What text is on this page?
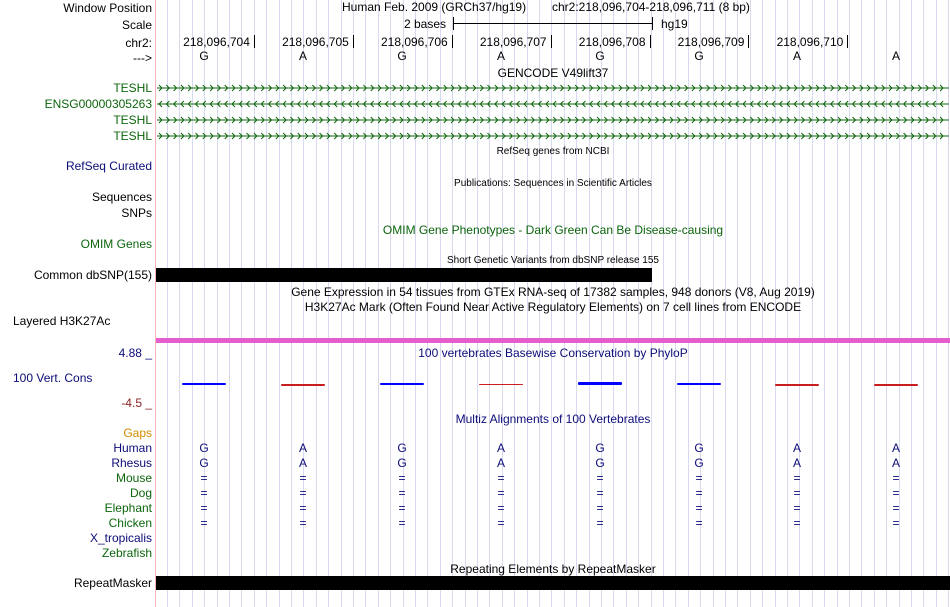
Window Position	Human Feb. 2009 (GRCh37/hg19) chr2:218,096,704-218,096,711 (8 bp)
Scale	2 bases	hg19
chr2:	218,096,704	218,096,705	218,096,706	218,096,707	218,096,708	218,096,709	218,096,710
--->	G	A	G	A	G	G	A	A
GENCODE V49lift37
TESHL
ENSG00000305263
TESHL
TESHL
RefSeq genes from NCBI
RefSeq Curated
Publications: Sequences in Scientific Articles
Sequences
SNPs
OMIM Gene Phenotypes - Dark Green Can Be Disease-causing
OMIM Genes
Short Genetic Variants from dbSNP release 155
Common dbSNP(155)
Gene Expression in 54 tissues from GTEx RNA-seq of 17382 samples, 948 donors (V8, Aug 2019)
H3K27Ac Mark (Often Found Near Active Regulatory Elements) on 7 cell lines from ENCODE
Layered H3K27Ac
100 vertebrates Basewise Conservation by PhyloP
4.88 _
100 Vert. Cons
-4.5 _
Multiz Alignments of 100 Vertebrates
Gaps
Human	G	A	G	A	G	G	A	A
Rhesus	G	A	G	A	G	G	A	A
Mouse	=	=	=	=	=	=	=	=
Dog	=	=	=	=	=	=	=	=
Elephant	=	=	=	=	=	=	=	=
Chicken	=	=	=	=	=	=	=	=
X_tropicalis
Zebrafish
Repeating Elements by RepeatMasker
RepeatMasker
